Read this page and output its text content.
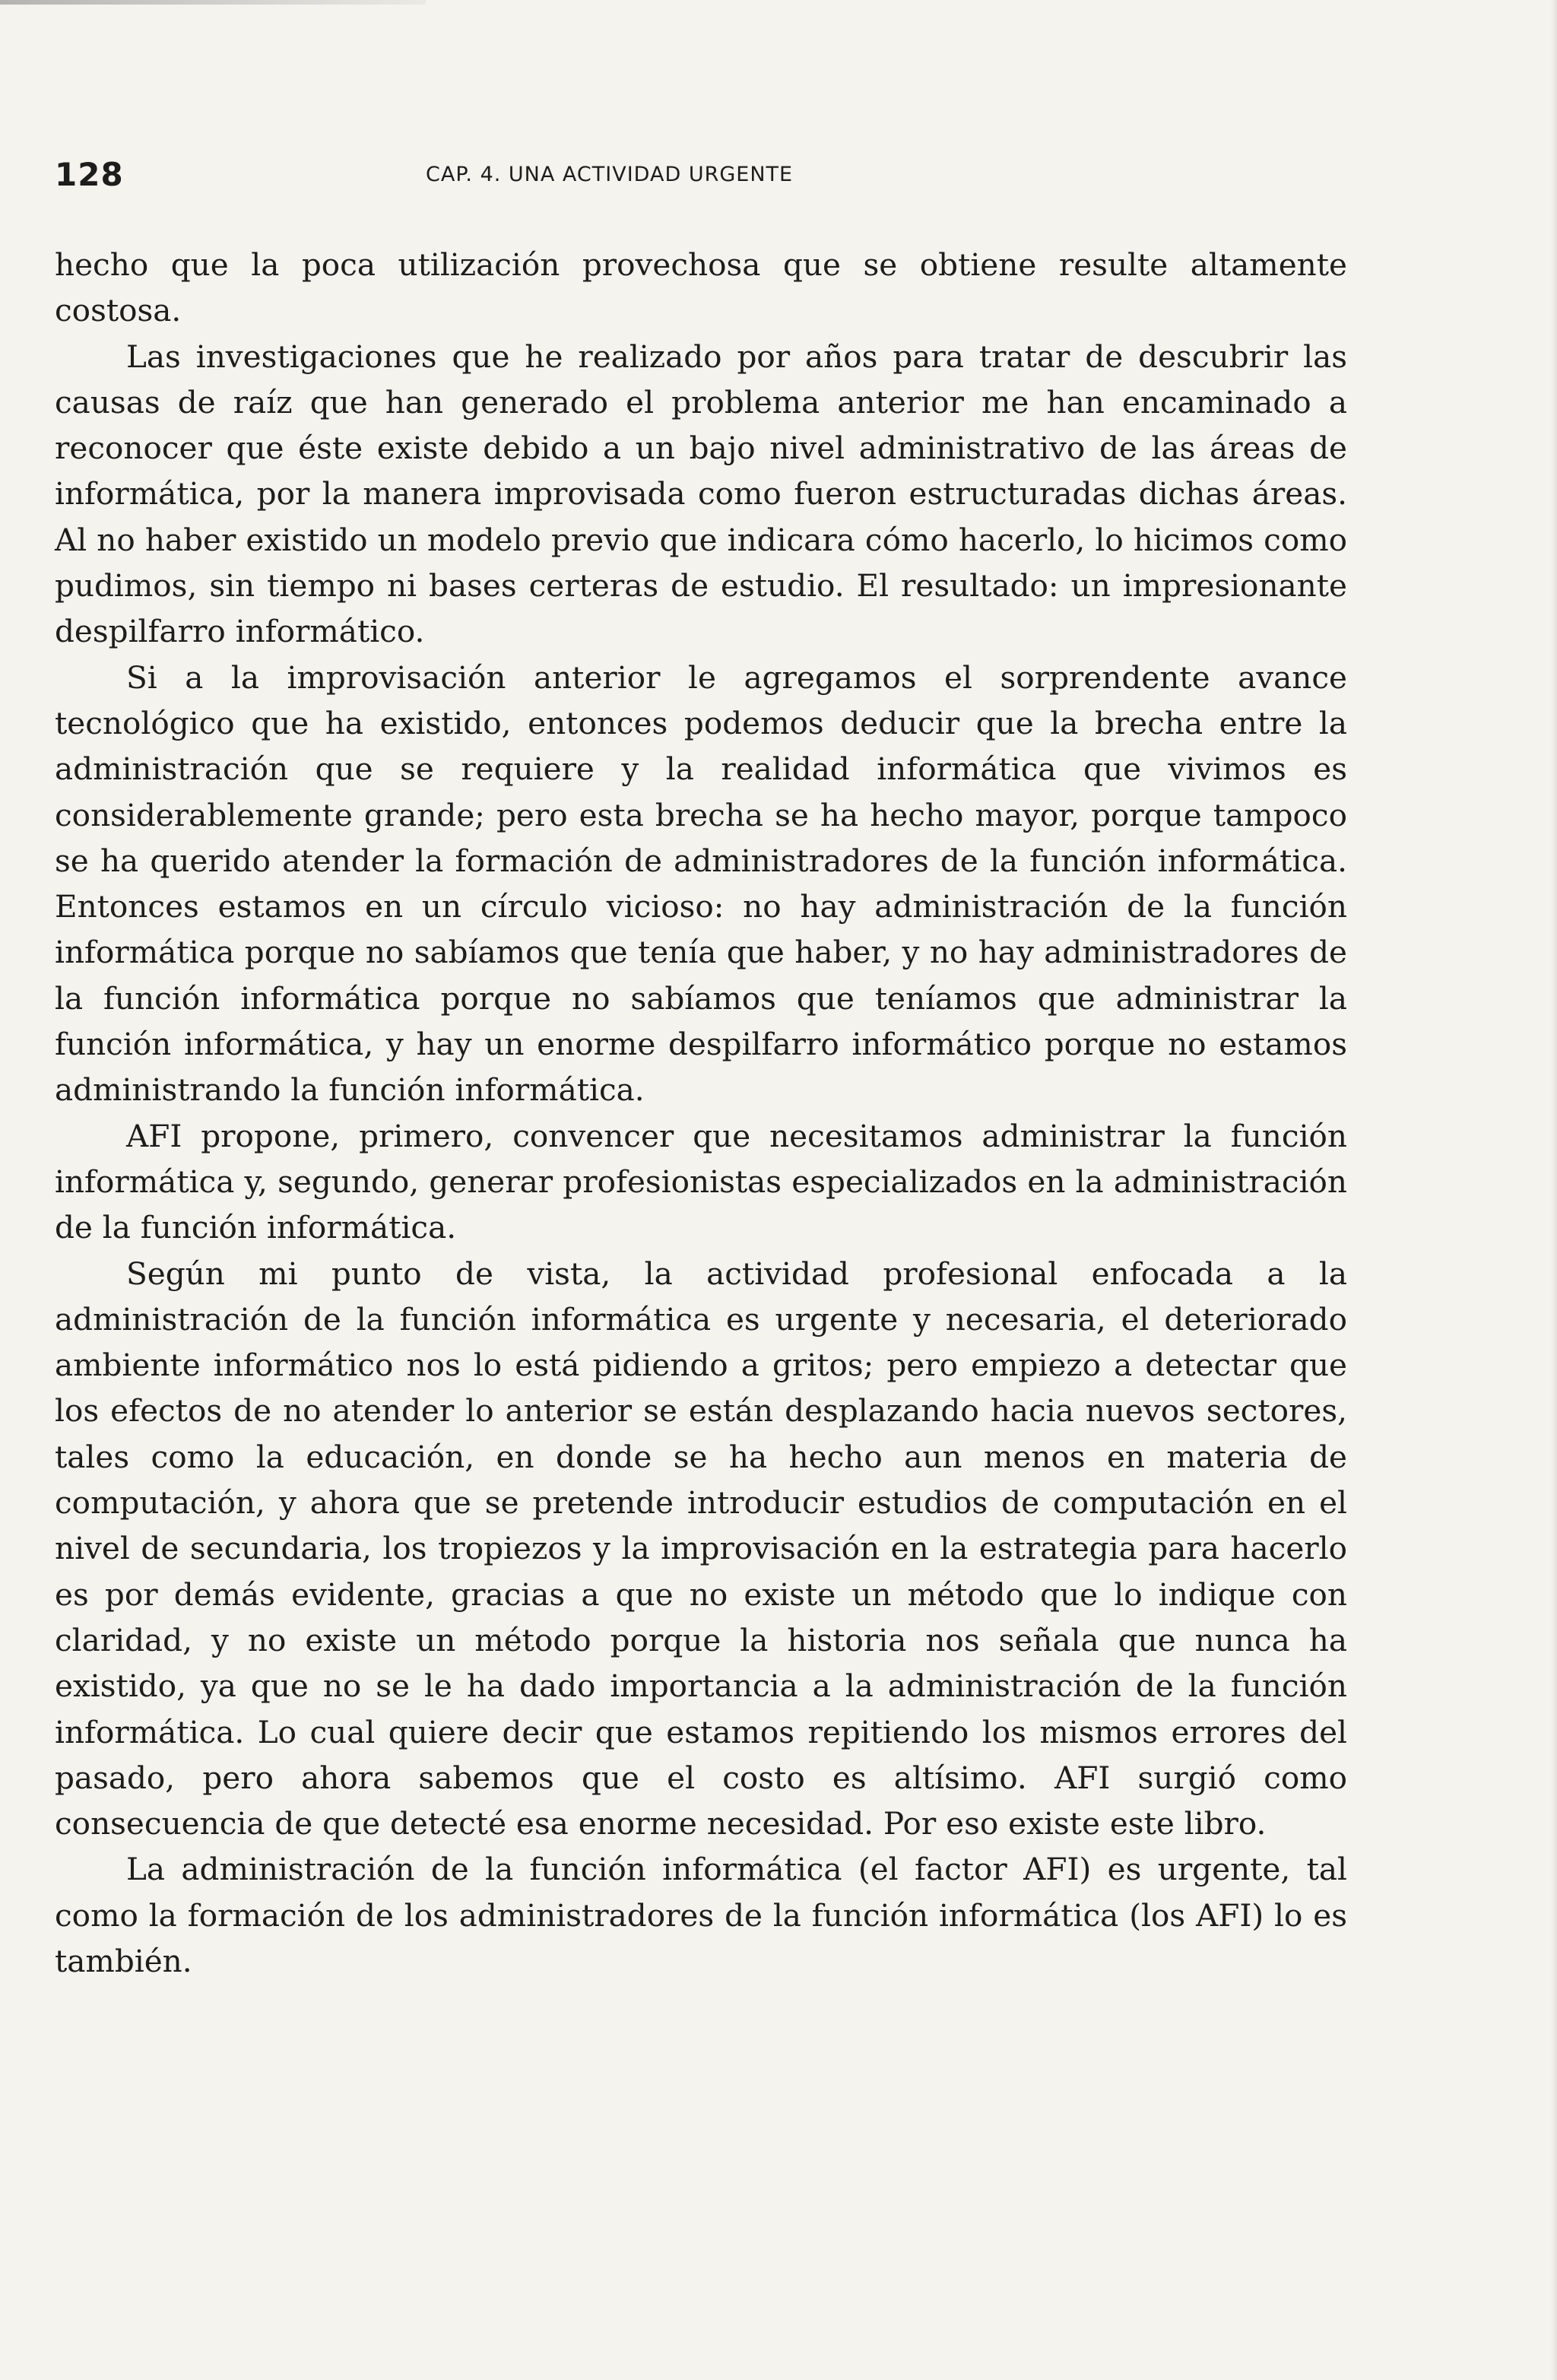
128	CAP. 4. UNA ACTIVIDAD URGENTE

hecho que la poca utilización provechosa que se obtiene resulte altamente costosa.

Las investigaciones que he realizado por años para tratar de descubrir las causas de raíz que han generado el problema anterior me han encaminado a reconocer que éste existe debido a un bajo nivel administrativo de las áreas de informática, por la manera improvisada como fueron estructuradas dichas áreas. Al no haber existido un modelo previo que indicara cómo hacerlo, lo hicimos como pudimos, sin tiempo ni bases certeras de estudio. El resultado: un impresionante despilfarro informático.

Si a la improvisación anterior le agregamos el sorprendente avance tecnológico que ha existido, entonces podemos deducir que la brecha entre la administración que se requiere y la realidad informática que vivimos es considerablemente grande; pero esta brecha se ha hecho mayor, porque tampoco se ha querido atender la formación de administradores de la función informática. Entonces estamos en un círculo vicioso: no hay administración de la función informática porque no sabíamos que tenía que haber, y no hay administradores de la función informática porque no sabíamos que teníamos que administrar la función informática, y hay un enorme despilfarro informático porque no estamos administrando la función informática.

AFI propone, primero, convencer que necesitamos administrar la función informática y, segundo, generar profesionistas especializados en la administración de la función informática.

Según mi punto de vista, la actividad profesional enfocada a la administración de la función informática es urgente y necesaria, el deteriorado ambiente informático nos lo está pidiendo a gritos; pero empiezo a detectar que los efectos de no atender lo anterior se están desplazando hacia nuevos sectores, tales como la educación, en donde se ha hecho aun menos en materia de computación, y ahora que se pretende introducir estudios de computación en el nivel de secundaria, los tropiezos y la improvisación en la estrategia para hacerlo es por demás evidente, gracias a que no existe un método que lo indique con claridad, y no existe un método porque la historia nos señala que nunca ha existido, ya que no se le ha dado importancia a la administración de la función informática. Lo cual quiere decir que estamos repitiendo los mismos errores del pasado, pero ahora sabemos que el costo es altísimo. AFI surgió como consecuencia de que detecté esa enorme necesidad. Por eso existe este libro.

La administración de la función informática (el factor AFI) es urgente, tal como la formación de los administradores de la función informática (los AFI) lo es también.
